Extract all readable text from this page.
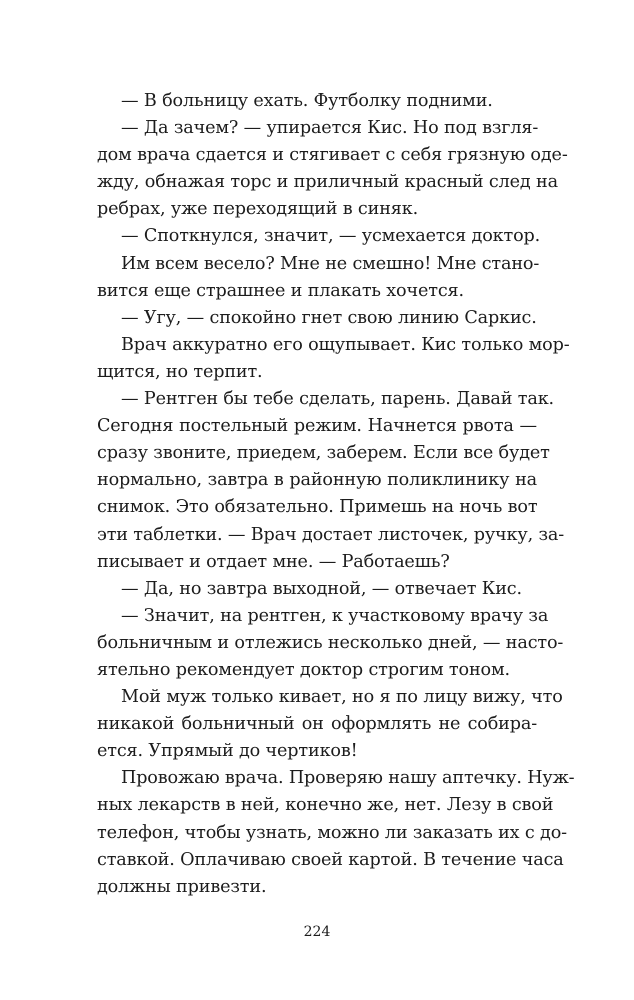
— В больницу ехать. Футболку подними.

— Да зачем? — упирается Кис. Но под взгля-
дом врача сдается и стягивает с себя грязную оде-
жду, обнажая торс и приличный красный след на
ребрах, уже переходящий в синяк.

— Споткнулся, значит, — усмехается доктор.

Им всем весело? Мне не смешно! Мне стано-
вится еще страшнее и плакать хочется.

— Угу, — спокойно гнет свою линию Саркис.

Врач аккуратно его ощупывает. Кис только мор-
щится, но терпит.

— Рентген бы тебе сделать, парень. Давай так.
Сегодня постельный режим. Начнется рвота —
сразу звоните, приедем, заберем. Если все будет
нормально, завтра в районную поликлинику на
снимок. Это обязательно. Примешь на ночь вот
эти таблетки. — Врач достает листочек, ручку, за-
писывает и отдает мне. — Работаешь?

— Да, но завтра выходной, — отвечает Кис.

— Значит, на рентген, к участковому врачу за
больничным и отлежись несколько дней, — насто-
ятельно рекомендует доктор строгим тоном.

Мой муж только кивает, но я по лицу вижу, что
никакой больничный он оформлять не собира-
ется. Упрямый до чертиков!

Провожаю врача. Проверяю нашу аптечку. Нуж-
ных лекарств в ней, конечно же, нет. Лезу в свой
телефон, чтобы узнать, можно ли заказать их с до-
ставкой. Оплачиваю своей картой. В течение часа
должны привезти.

224
